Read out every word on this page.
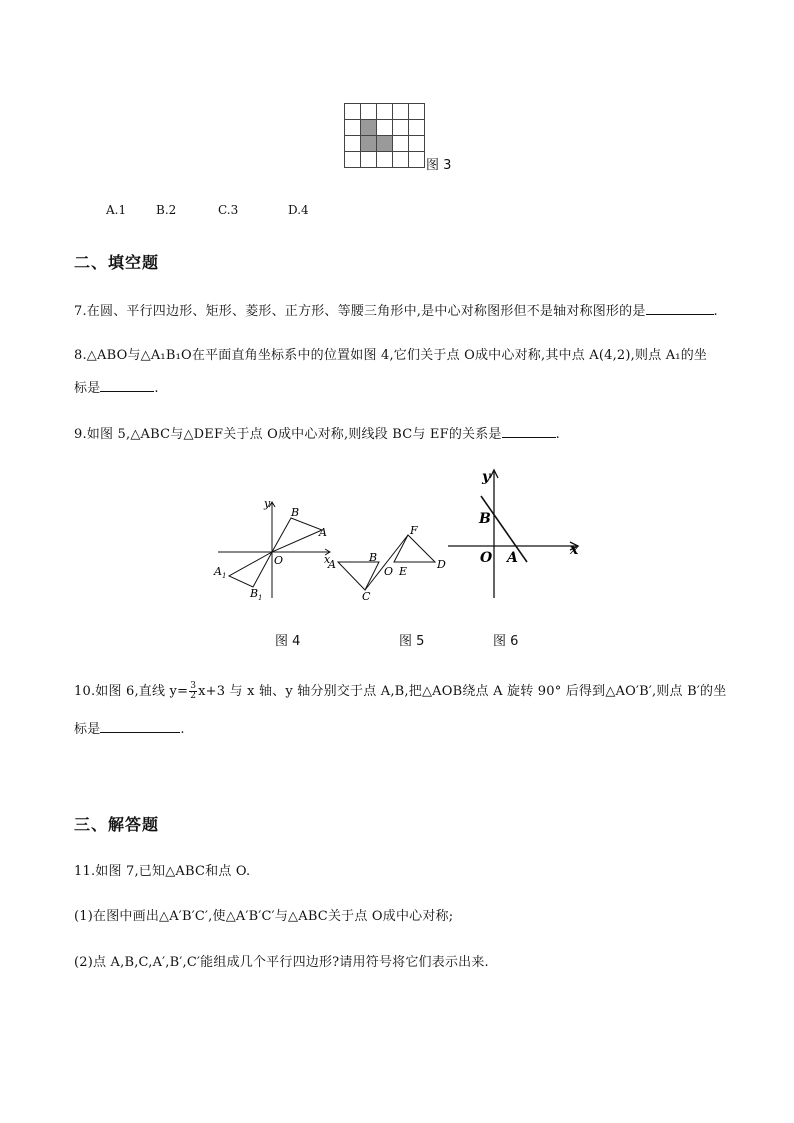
图 3
A.1 B.2	C.3	D.4
二、填空题
7.在圆、平行四边形、矩形、菱形、正方形、等腰三角形中,是中心对称图形但不是轴对称图形的是	.
8.△ABO与△A₁B₁O在平面直角坐标系中的位置如图 4,它们关于点 O成中心对称,其中点 A(4,2),则点 A₁的坐
标是	.
9.如图 5,△ABC与△DEF关于点 O成中心对称,则线段 BC与 EF的关系是	.
y
x
B
A
O
A 1
B 1
图 4
A
B
F
O E
D
C
图 5
y
x
B
O A
图 6
10.如图 6,直线 $y= \frac{3}{2} x+3$ 与 x 轴、y 轴分别交于点 A,B,把△AOB绕点 A 旋转 90° 后得到△AO′B′,则点 B′的坐
标是	.
三、解答题
11.如图 7,已知△ABC和点 O.
(1)在图中画出△A′B′C′,使△A′B′C′与△ABC关于点 O成中心对称;
(2)点 A,B,C,A′,B′,C′能组成几个平行四边形?请用符号将它们表示出来.
